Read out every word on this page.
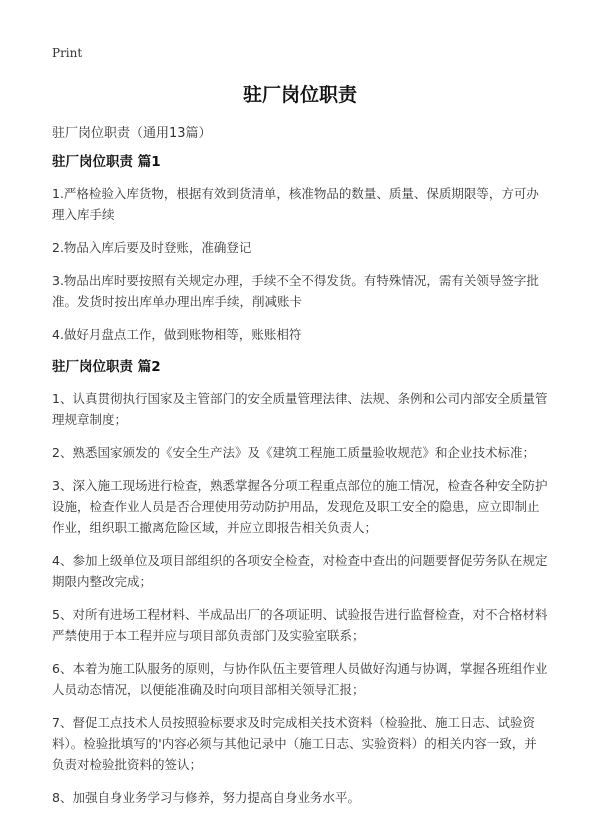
Print
驻厂岗位职责

驻厂岗位职责（通用13篇）

驻厂岗位职责 篇1

1.严格检验入库货物，根据有效到货清单，核准物品的数量、质量、保质期限等，方可办理入库手续

2.物品入库后要及时登账，准确登记

3.物品出库时要按照有关规定办理，手续不全不得发货。有特殊情况，需有关领导签字批准。发货时按出库单办理出库手续，削减账卡

4.做好月盘点工作，做到账物相等，账账相符

驻厂岗位职责 篇2

1、认真贯彻执行国家及主管部门的安全质量管理法律、法规、条例和公司内部安全质量管理规章制度；

2、熟悉国家颁发的《安全生产法》及《建筑工程施工质量验收规范》和企业技术标准；

3、深入施工现场进行检查，熟悉掌握各分项工程重点部位的施工情况，检查各种安全防护设施，检查作业人员是否合理使用劳动防护用品，发现危及职工安全的隐患，应立即制止作业，组织职工撤离危险区域，并应立即报告相关负责人；

4、参加上级单位及项目部组织的各项安全检查，对检查中查出的问题要督促劳务队在规定期限内整改完成；

5、对所有进场工程材料、半成品出厂的各项证明、试验报告进行监督检查，对不合格材料严禁使用于本工程并应与项目部负责部门及实验室联系；

6、本着为施工队服务的原则，与协作队伍主要管理人员做好沟通与协调，掌握各班组作业人员动态情况，以便能准确及时向项目部相关领导汇报；

7、督促工点技术人员按照验标要求及时完成相关技术资料（检验批、施工日志、试验资料）。检验批填写的'内容必须与其他记录中（施工日志、实验资料）的相关内容一致，并负责对检验批资料的签认；

8、加强自身业务学习与修养，努力提高自身业务水平。
